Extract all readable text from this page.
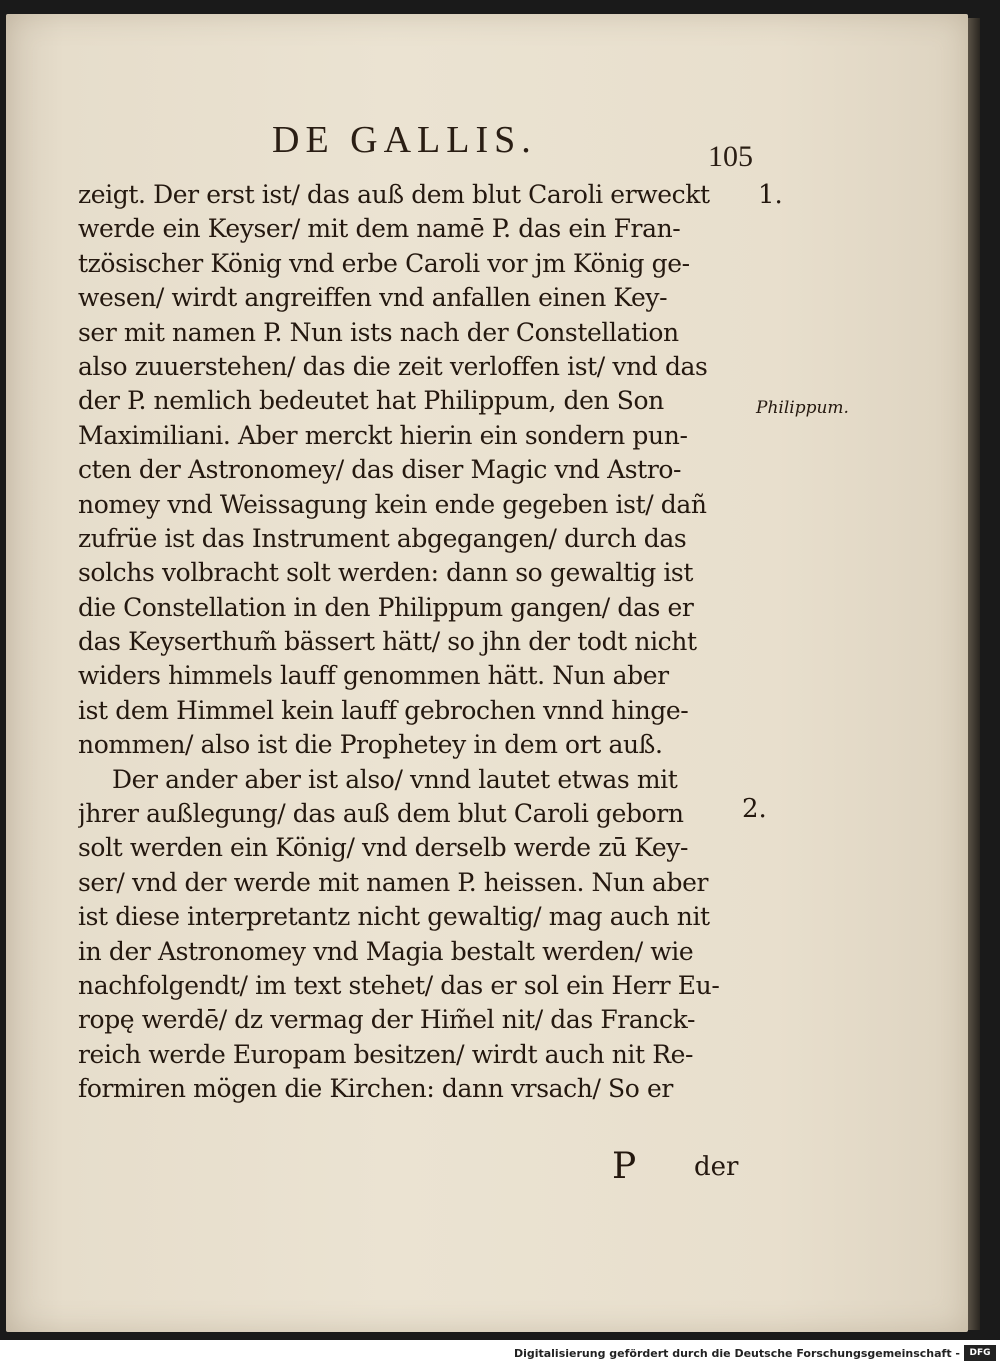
DE GALLIS.	105
zeigt. Der erst ist/ das auß dem blut Caroli erweckt
werde ein Keyser/ mit dem namē P. das ein Fran-
tzösischer König vnd erbe Caroli vor jm König ge-
wesen/ wirdt angreiffen vnd anfallen einen Key-
ser mit namen P. Nun ists nach der Constellation
also zuuerstehen/ das die zeit verloffen ist/ vnd das
der P. nemlich bedeutet hat Philippum, den Son
Maximiliani. Aber merckt hierin ein sondern pun-
cten der Astronomey/ das diser Magic vnd Astro-
nomey vnd Weissagung kein ende gegeben ist/ dañ
zufrüe ist das Instrument abgegangen/ durch das
solchs volbracht solt werden: dann so gewaltig ist
die Constellation in den Philippum gangen/ das er
das Keyserthum̃ bässert hätt/ so jhn der todt nicht
widers himmels lauff genommen hätt. Nun aber
ist dem Himmel kein lauff gebrochen vnnd hinge-
nommen/ also ist die Prophetey in dem ort auß.
Der ander aber ist also/ vnnd lautet etwas mit
jhrer außlegung/ das auß dem blut Caroli geborn
solt werden ein König/ vnd derselb werde zū Key-
ser/ vnd der werde mit namen P. heissen. Nun aber
ist diese interpretantz nicht gewaltig/ mag auch nit
in der Astronomey vnd Magia bestalt werden/ wie
nachfolgendt/ im text stehet/ das er sol ein Herr Eu-
ropę werdē/ dz vermag der Him̃el nit/ das Franck-
reich werde Europam besitzen/ wirdt auch nit Re-
formiren mögen die Kirchen: dann vrsach/ So er
1.
Philippum.
2.
P der
Digitalisierung gefördert durch die Deutsche Forschungsgemeinschaft -	DFG
